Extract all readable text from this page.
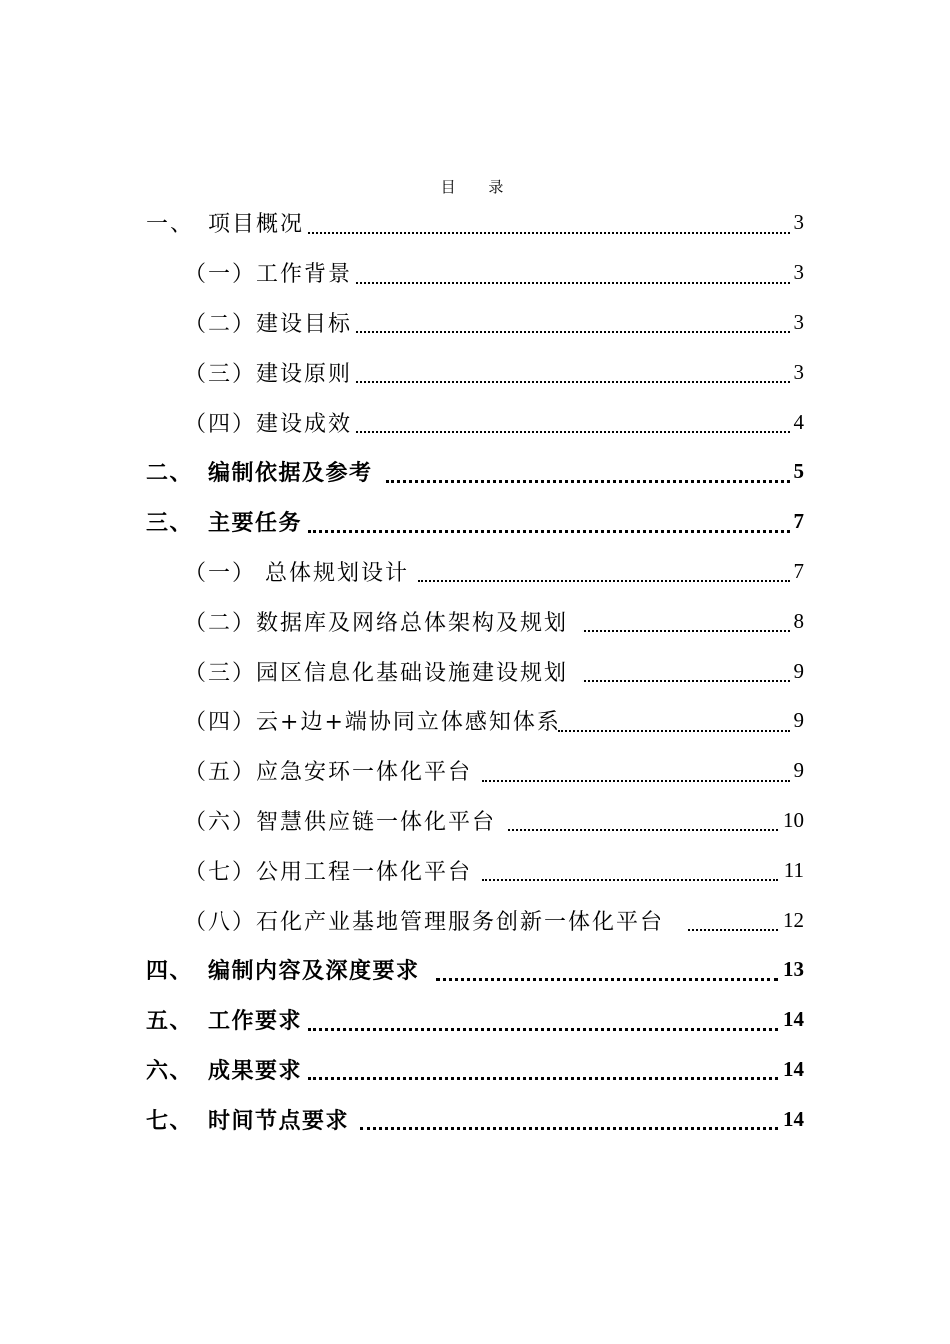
目 录
一、 项目概况	3
（一） 工作背景	3
（二） 建设目标	3
（三） 建设原则	3
（四） 建设成效	4
二、 编制依据及参考	5
三、 主要任务	7
（一） 总体规划设计	7
（二） 数据库及网络总体架构及规划	8
（三） 园区信息化基础设施建设规划	9
（四） 云+边+端协同立体感知体系	9
（五） 应急安环一体化平台	9
（六） 智慧供应链一体化平台	10
（七） 公用工程一体化平台	11
（八） 石化产业基地管理服务创新一体化平台	12
四、 编制内容及深度要求	13
五、 工作要求	14
六、 成果要求	14
七、 时间节点要求	14
